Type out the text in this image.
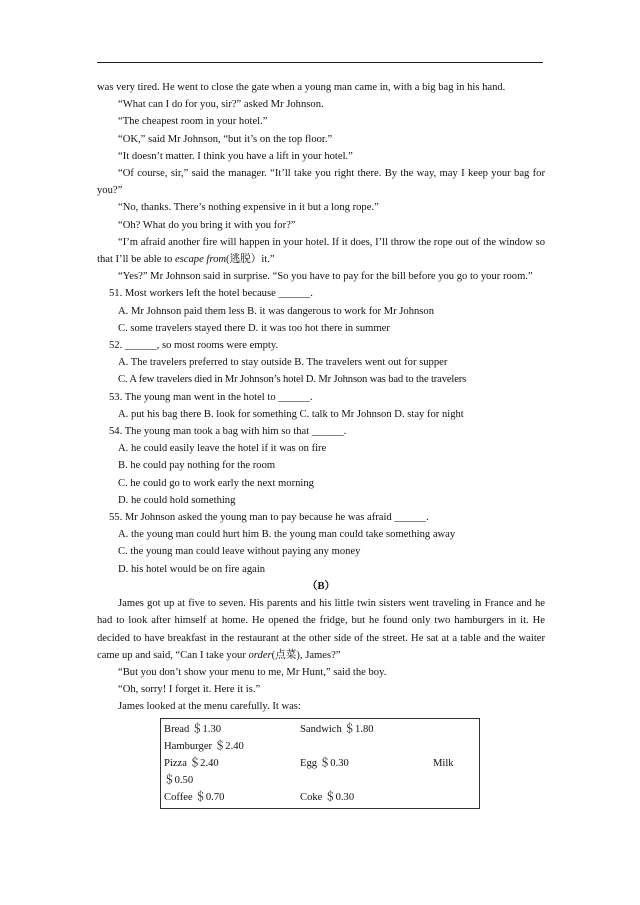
was very tired. He went to close the gate when a young man came in, with a big bag in his hand.

“What can I do for you, sir?” asked Mr Johnson.

“The cheapest room in your hotel.”

“OK,” said Mr Johnson, “but it’s on the top floor.”

“It doesn’t matter. I think you have a lift in your hotel.”

“Of course, sir,” said the manager. “It’ll take you right there. By the way, may I keep your bag for you?”

“No, thanks. There’s nothing expensive in it but a long rope.”

“Oh? What do you bring it with you for?”

“I’m afraid another fire will happen in your hotel. If it does, I’ll throw the rope out of the window so that I’ll be able to escape from(逃脱）it.”

“Yes?” Mr Johnson said in surprise. “So you have to pay for the bill before you go to your room.”

51. Most workers left the hotel because ______.

A. Mr Johnson paid them less B. it was dangerous to work for Mr Johnson

C. some travelers stayed there D. it was too hot there in summer

52. ______, so most rooms were empty.

A. The travelers preferred to stay outside B. The travelers went out for supper

C. A few travelers died in Mr Johnson’s hotel D. Mr Johnson was bad to the travelers

53. The young man went in the hotel to ______.

A. put his bag there B. look for something C. talk to Mr Johnson D. stay for night

54. The young man took a bag with him so that ______.

A. he could easily leave the hotel if it was on fire

B. he could pay nothing for the room

C. he could go to work early the next morning

D. he could hold something

55. Mr Johnson asked the young man to pay because he was afraid ______.

A. the young man could hurt him B. the young man could take something away

C. the young man could leave without paying any money

D. his hotel would be on fire again

（B）

James got up at five to seven. His parents and his little twin sisters went traveling in France and he had to look after himself at home. He opened the fridge, but he found only two hamburgers in it. He decided to have breakfast in the restaurant at the other side of the street. He sat at a table and the waiter came up and said, “Can I take your order(点菜), James?”

“But you don’t show your menu to me, Mr Hunt,” said the boy.

“Oh, sorry! I forget it. Here it is.”

James looked at the menu carefully. It was:

Bread ＄1.30	Sandwich ＄1.80
Hamburger ＄2.40
Pizza ＄2.40	Egg ＄0.30	Milk
＄0.50
Coffee ＄0.70	Coke ＄0.30
